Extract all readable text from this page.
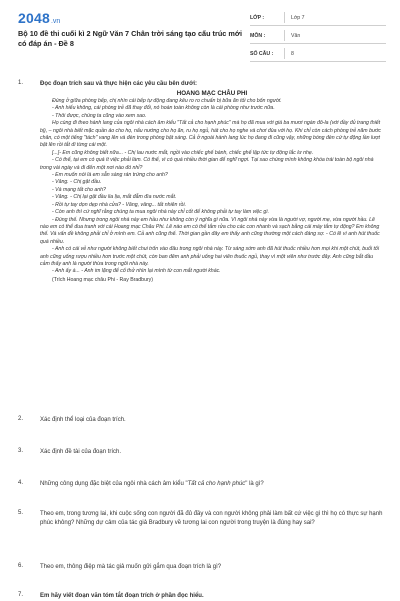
2048.vn
Bộ 10 đề thi cuối kì 2 Ngữ Văn 7 Chân trời sáng tạo cấu trúc mới có đáp án - Đề 8
LỚP :	Lớp 7
MÔN :	Văn
SỐ CÂU :	8
1.	Đọc đoạn trích sau và thực hiện các yêu cầu bên dưới:
HOANG MẠC CHÂU PHI

Đúng ở giữa phòng bếp, chị nhìn cái bếp tự động đang kêu ro ro chuẩn bị bữa ăn tối cho bốn người.

- Anh hiểu không, cái phòng trẻ đã thay đổi, nó hoàn toàn không còn là cái phòng như trước nữa.

- Thôi được, chúng ta cũng vào xem sao.

Họ cùng đi theo hành lang của ngôi nhà cách âm kiểu "Tất cả cho hạnh phúc" mà họ đã mua với giá ba mươi ngàn đô-la (với đầy đủ trang thiết bị), – ngôi nhà biết mặc quần áo cho họ, nấu nướng cho họ ăn, ru họ ngủ, hát cho họ nghe và chơi đùa với họ. Khi chỉ còn cách phòng trẻ năm bước chân, có một tiếng "tách" vang lên và đèn trong phòng bật sáng. Cả ở ngoài hành lang lúc họ đang đi cũng vậy, những bóng đèn cứ tự động lần lượt bật lên rồi tắt đi từng cái một.

[...]- Em cũng không biết nữa... - Chị lau nước mắt, ngồi vào chiếc ghế bành, chiếc ghế lập tức tự động lắc lư nhẹ.

- Có thể, tại em có quá ít việc phải làm. Có thể, vì có quá nhiều thời gian để nghĩ ngợi. Tại sao chúng mình không khóa trái toàn bộ ngôi nhà trong vài ngày và đi đến một nơi nào đó nhỉ?

- Em muốn nói là em sẵn sàng rán trứng cho anh?

- Vâng. - Chị gật đầu.

- Và mạng tất cho anh?

- Vâng. - Chị lại gật đầu lia lịa, mắt đẫm đìa nước mắt.

- Rồi tự tay dọn dẹp nhà cửa? - Vâng, vâng... tất nhiên rồi.

- Còn anh thì cứ nghĩ rằng chúng ta mua ngôi nhà này chỉ cốt để không phải tự tay làm việc gì.

- Đúng thế. Nhưng trong ngôi nhà này em hầu như không còn ý nghĩa gì nữa. Vì ngôi nhà này vừa là người vợ, người mẹ, vừa người hầu. Lẽ nào em có thể đua tranh với cái Hoang mạc Châu Phi. Lẽ nào em có thể tắm rửa cho các con nhanh và sạch bằng cái máy tắm tự động? Em không thể. Và vấn đề không phải chỉ ở mình em. Cả anh cũng thế. Thời gian gần đây em thấy anh cũng thường một cách đáng sợ. - Có lẽ vì anh hút thuốc quá nhiều.

- Anh có cái vẻ như người không biết chui trốn vào đâu trong ngôi nhà này. Từ sáng sớm anh đã hút thuốc nhiều hơn mọi khi một chút, buổi tối anh cũng uống rượu nhiều hơn trước một chút, còn ban đêm anh phải uống hai viên thuốc ngủ, thay vì một viên như trước đây. Anh cũng bắt đầu cảm thấy anh là người thừa trong ngôi nhà này.

- Anh ấy à... - Anh im lặng để cố thử nhìn lại mình từ con mắt người khác.

(Trích Hoang mạc châu Phi - Ray Bradbury)

2.	Xác định thể loại của đoạn trích.
3.	Xác định đề tài của đoạn trích.
4.	Những công dụng đặc biệt của ngôi nhà cách âm kiểu "Tất cả cho hạnh phúc" là gì?
5.	Theo em, trong tương lai, khi cuộc sống con người đã đủ đầy và con người không phải làm bất cứ việc gì thì họ có thực sự hạnh phúc không? Những dự cảm của tác giả Bradbury về tương lai con người trong truyện là đúng hay sai?
6.	Theo em, thông điệp mà tác giả muốn gửi gắm qua đoạn trích là gì?
7.	Em hãy viết đoạn văn tóm tắt đoạn trích ở phần đọc hiểu.
